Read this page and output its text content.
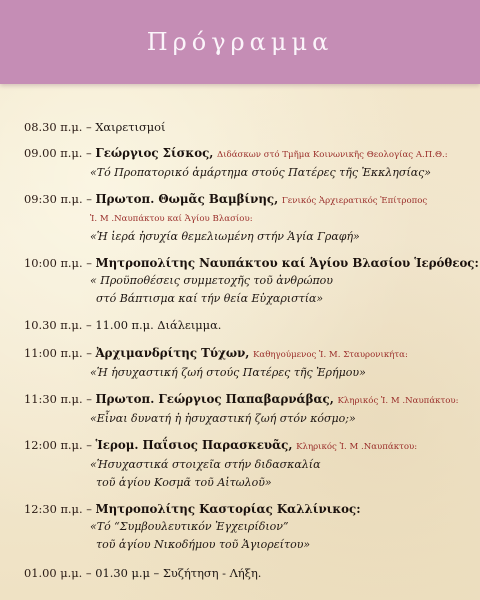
Πρόγραμμα
08.30 π.μ. – Χαιρετισμοί
09.00 π.μ. – Γεώργιος Σίσκος, Διδάσκων στό Τμῆμα Κοινωνικῆς Θεολογίας Α.Π.Θ.:
«Τό Προπατορικό ἁμάρτημα στούς Πατέρες τῆς Ἐκκλησίας»
09:30 π.μ. – Πρωτοπ. Θωμᾶς Βαμβίνης, Γενικός Ἀρχιερατικός Ἐπίτροπος
Ἱ. Μ .Ναυπάκτου καί Ἁγίου Βλασίου:
«Ἡ ἱερά ἡσυχία θεμελιωμένη στήν Ἁγία Γραφή»
10:00 π.μ. – Μητροπολίτης Ναυπάκτου καί Ἁγίου Βλασίου Ἱερόθεος:
« Προϋποθέσεις συμμετοχῆς τοῦ ἀνθρώπου
στό Βάπτισμα καί τήν θεία Εὐχαριστία»
10.30 π.μ. – 11.00 π.μ. Διάλειμμα.
11:00 π.μ. – Ἀρχιμανδρίτης Τύχων, Καθηγούμενος Ἱ. Μ. Σταυρονικήτα:
«Ἡ ἡσυχαστική ζωή στούς Πατέρες τῆς Ἐρήμου»
11:30 π.μ. – Πρωτοπ. Γεώργιος Παπαβαρνάβας, Κληρικός Ἱ. Μ .Ναυπάκτου:
«Εἶναι δυνατή ἡ ἡσυχαστική ζωή στόν κόσμο;»
12:00 π.μ. – Ἱερομ. Παΐσιος Παρασκευᾶς, Κληρικός Ἱ. Μ .Ναυπάκτου:
«Ἡσυχαστικά στοιχεῖα στήν διδασκαλία
τοῦ ἁγίου Κοσμᾶ τοῦ Αἰτωλοῦ»
12:30 π.μ. – Μητροπολίτης Καστορίας Καλλίνικος:
«Τό “Συμβουλευτικόν Ἐγχειρίδιον”
τοῦ ἁγίου Νικοδήμου τοῦ Ἁγιορείτου»
01.00 μ.μ. – 01.30 μ.μ – Συζήτηση - Λήξη.
